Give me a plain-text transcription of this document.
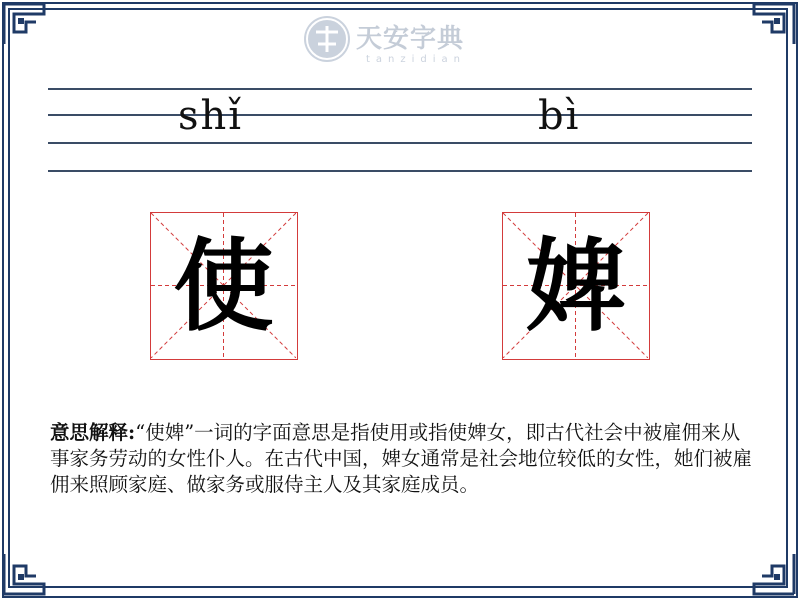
天安字典
tanzidian
shǐ	bì
使	婢
意思解释:“使婢”一词的字面意思是指使用或指使婢女，即古代社会中被雇佣来从事家务劳动的女性仆人。在古代中国，婢女通常是社会地位较低的女性，她们被雇佣来照顾家庭、做家务或服侍主人及其家庭成员。
